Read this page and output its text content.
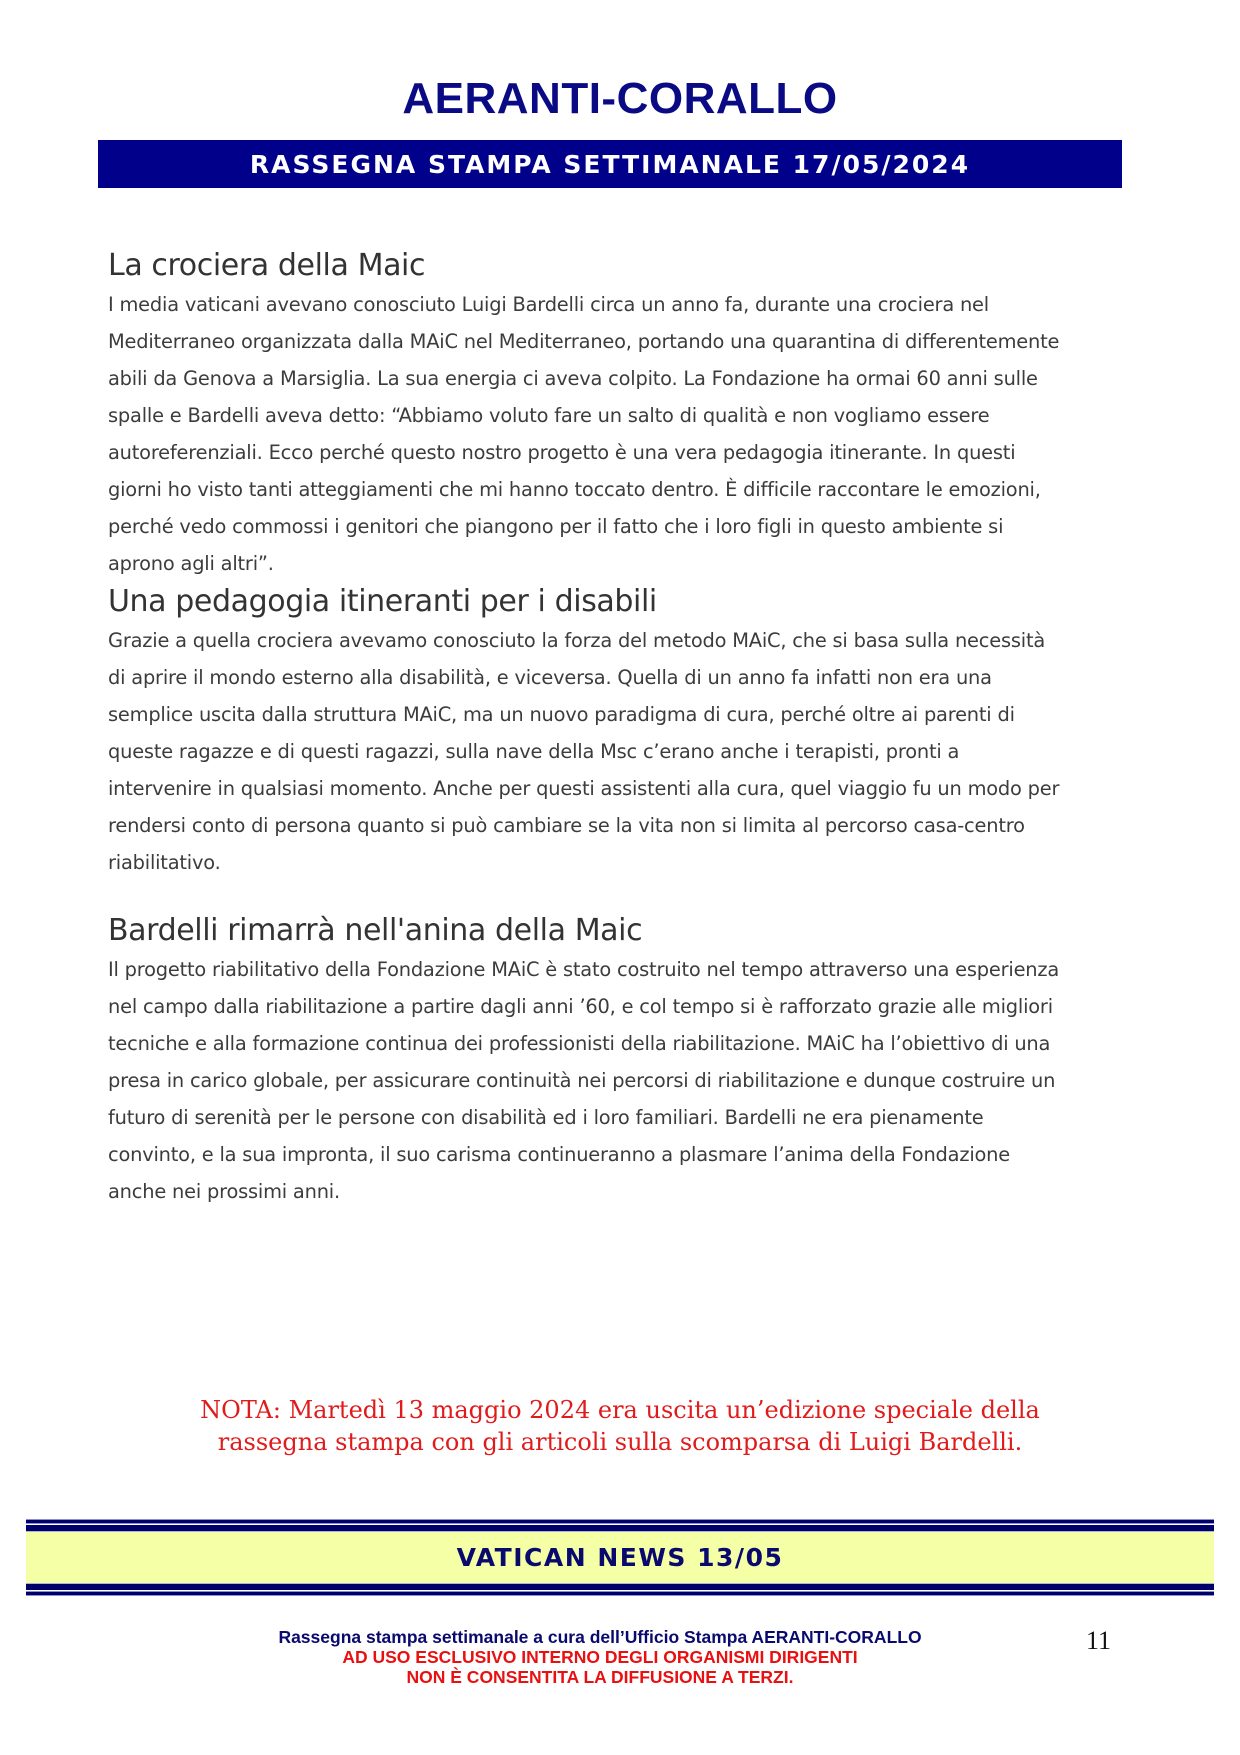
AERANTI-CORALLO
RASSEGNA STAMPA SETTIMANALE 17/05/2024
La crociera della Maic

I media vaticani avevano conosciuto Luigi Bardelli circa un anno fa, durante una crociera nel Mediterraneo organizzata dalla MAiC nel Mediterraneo, portando una quarantina di differentemente abili da Genova a Marsiglia. La sua energia ci aveva colpito. La Fondazione ha ormai 60 anni sulle spalle e Bardelli aveva detto: “Abbiamo voluto fare un salto di qualità e non vogliamo essere autoreferenziali. Ecco perché questo nostro progetto è una vera pedagogia itinerante. In questi giorni ho visto tanti atteggiamenti che mi hanno toccato dentro. È difficile raccontare le emozioni, perché vedo commossi i genitori che piangono per il fatto che i loro figli in questo ambiente si aprono agli altri”.

Una pedagogia itineranti per i disabili

Grazie a quella crociera avevamo conosciuto la forza del metodo MAiC, che si basa sulla necessità di aprire il mondo esterno alla disabilità, e viceversa. Quella di un anno fa infatti non era una semplice uscita dalla struttura MAiC, ma un nuovo paradigma di cura, perché oltre ai parenti di queste ragazze e di questi ragazzi, sulla nave della Msc c’erano anche i terapisti, pronti a intervenire in qualsiasi momento. Anche per questi assistenti alla cura, quel viaggio fu un modo per rendersi conto di persona quanto si può cambiare se la vita non si limita al percorso casa-centro riabilitativo.

Bardelli rimarrà nell'anina della Maic

Il progetto riabilitativo della Fondazione MAiC è stato costruito nel tempo attraverso una esperienza nel campo dalla riabilitazione a partire dagli anni ’60, e col tempo si è rafforzato grazie alle migliori tecniche e alla formazione continua dei professionisti della riabilitazione. MAiC ha l’obiettivo di una presa in carico globale, per assicurare continuità nei percorsi di riabilitazione e dunque costruire un futuro di serenità per le persone con disabilità ed i loro familiari. Bardelli ne era pienamente convinto, e la sua impronta, il suo carisma continueranno a plasmare l’anima della Fondazione anche nei prossimi anni.

NOTA: Martedì 13 maggio 2024 era uscita un’edizione speciale della
rassegna stampa con gli articoli sulla scomparsa di Luigi Bardelli.
VATICAN NEWS 13/05
Rassegna stampa settimanale a cura dell’Ufficio Stampa AERANTI-CORALLO
AD USO ESCLUSIVO INTERNO DEGLI ORGANISMI DIRIGENTI
NON È CONSENTITA LA DIFFUSIONE A TERZI.
11
